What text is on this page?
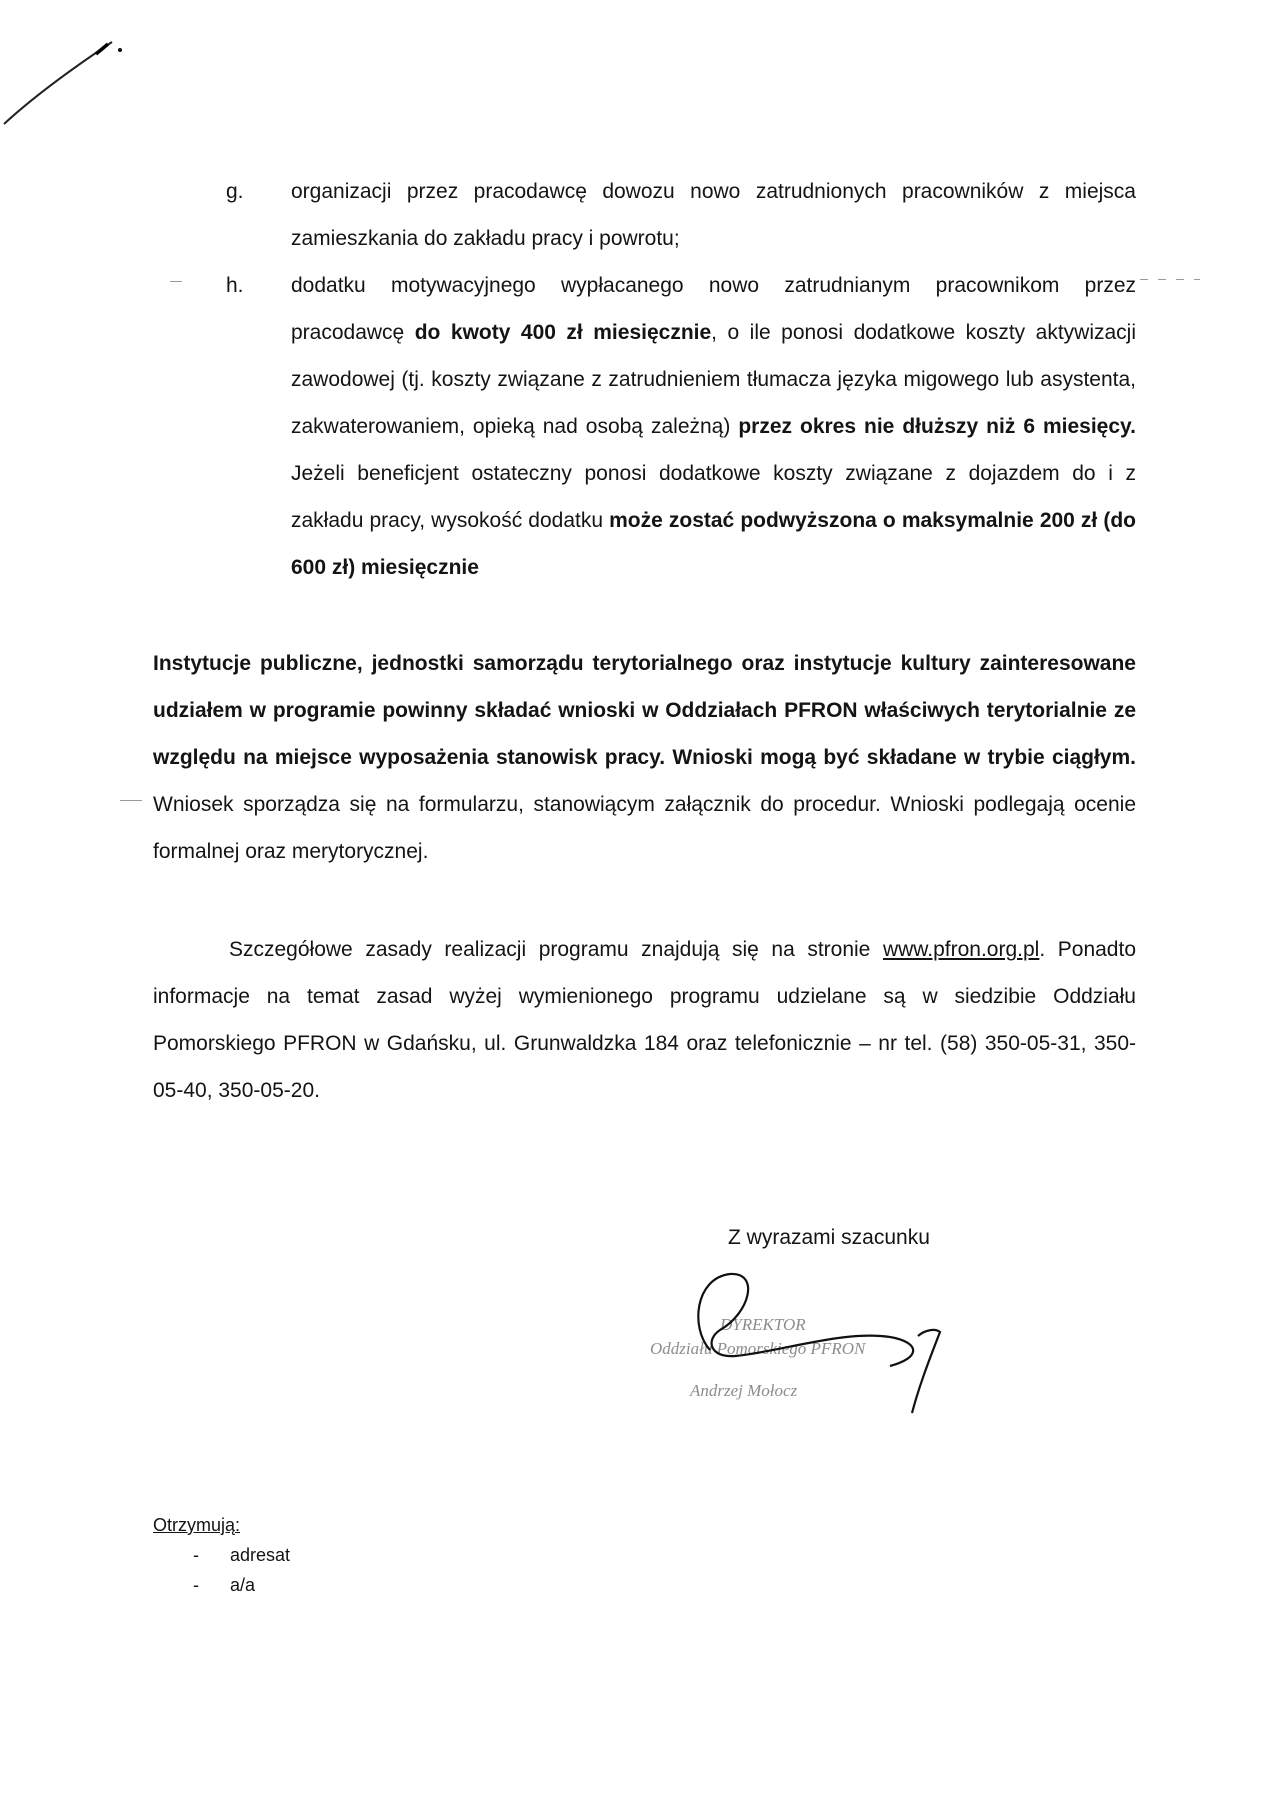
g. organizacji przez pracodawcę dowozu nowo zatrudnionych pracowników z miejsca zamieszkania do zakładu pracy i powrotu;
h. dodatku motywacyjnego wypłacanego nowo zatrudnianym pracownikom przez pracodawcę do kwoty 400 zł miesięcznie, o ile ponosi dodatkowe koszty aktywizacji zawodowej (tj. koszty związane z zatrudnieniem tłumacza języka migowego lub asystenta, zakwaterowaniem, opieką nad osobą zależną) przez okres nie dłuższy niż 6 miesięcy. Jeżeli beneficjent ostateczny ponosi dodatkowe koszty związane z dojazdem do i z zakładu pracy, wysokość dodatku może zostać podwyższona o maksymalnie 200 zł (do 600 zł) miesięcznie

Instytucje publiczne, jednostki samorządu terytorialnego oraz instytucje kultury zainteresowane udziałem w programie powinny składać wnioski w Oddziałach PFRON właściwych terytorialnie ze względu na miejsce wyposażenia stanowisk pracy. Wnioski mogą być składane w trybie ciągłym. Wniosek sporządza się na formularzu, stanowiącym załącznik do procedur. Wnioski podlegają ocenie formalnej oraz merytorycznej.

Szczegółowe zasady realizacji programu znajdują się na stronie www.pfron.org.pl. Ponadto informacje na temat zasad wyżej wymienionego programu udzielane są w siedzibie Oddziału Pomorskiego PFRON w Gdańsku, ul. Grunwaldzka 184 oraz telefonicznie – nr tel. (58) 350-05-31, 350-05-40, 350-05-20.

Z wyrazami szacunku

DYREKTOR
Oddziału Pomorskiego PFRON
Andrzej Mołocz

Otrzymują:

- adresat
- a/a
